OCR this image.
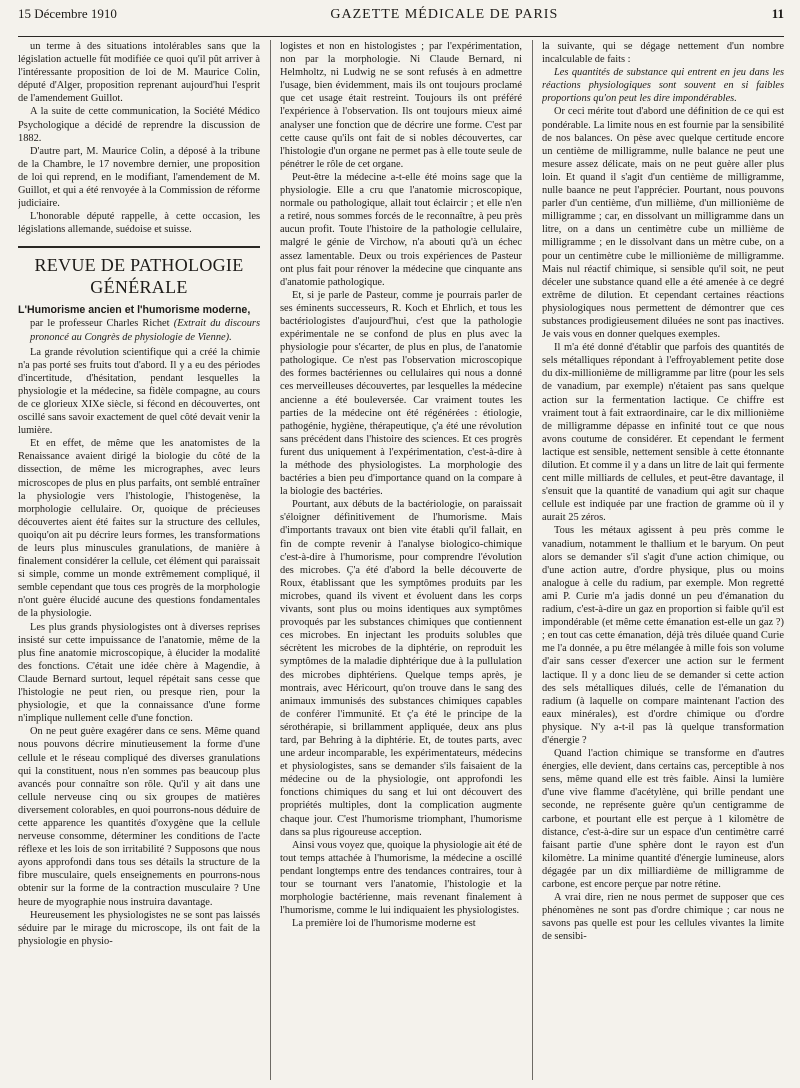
15 Décembre 1910	GAZETTE MÉDICALE DE PARIS	11

un terme à des situations intolérables sans que la législation actuelle fût modifiée ce quoi qu'il pût arriver à l'intéressante proposition de loi de M. Maurice Colin, député d'Alger, proposition reprenant aujourd'hui l'esprit de l'amendement Guillot.

A la suite de cette communication, la Société Médico Psychologique a décidé de reprendre la discussion de 1882.

D'autre part, M. Maurice Colin, a déposé à la tribune de la Chambre, le 17 novembre dernier, une proposition de loi qui reprend, en le modifiant, l'amendement de M. Guillot, et qui a été renvoyée à la Commission de réforme judiciaire.

L'honorable député rappelle, à cette occasion, les législations allemande, suédoise et suisse.

REVUE DE PATHOLOGIE GÉNÉRALE
L'Humorisme ancien et l'humorisme moderne,
par le professeur Charles Richet (Extrait du discours prononcé au Congrès de physiologie de Vienne).

La grande révolution scientifique qui a créé la chimie n'a pas porté ses fruits tout d'abord. Il y a eu des périodes d'incertitude, d'hésitation, pendant lesquelles la physiologie et la médecine, sa fidèle compagne, au cours de ce glorieux XIXe siècle, si fécond en découvertes, ont oscillé sans savoir exactement de quel côté devait venir la lumière.

Et en effet, de même que les anatomistes de la Renaissance avaient dirigé la biologie du côté de la dissection, de même les micrographes, avec leurs microscopes de plus en plus parfaits, ont semblé entraîner la physiologie vers l'histologie, l'histogenèse, la morphologie cellulaire. Or, quoique de précieuses découvertes aient été faites sur la structure des cellules, quoiqu'on ait pu décrire leurs formes, les transformations de leurs plus minuscules granulations, de manière à finalement considérer la cellule, cet élément qui paraissait si simple, comme un monde extrêmement compliqué, il semble cependant que tous ces progrès de la morphologie n'ont guère élucidé aucune des questions fondamentales de la physiologie.

Les plus grands physiologistes ont à diverses reprises insisté sur cette impuissance de l'anatomie, même de la plus fine anatomie microscopique, à élucider la modalité des fonctions. C'était une idée chère à Magendie, à Claude Bernard surtout, lequel répétait sans cesse que l'histologie ne peut rien, ou presque rien, pour la physiologie, et que la connaissance d'une forme n'implique nullement celle d'une fonction.

On ne peut guère exagérer dans ce sens. Même quand nous pouvons décrire minutieusement la forme d'une cellule et le réseau compliqué des diverses granulations qui la constituent, nous n'en sommes pas beaucoup plus avancés pour connaître son rôle. Qu'il y ait dans une cellule nerveuse cinq ou six groupes de matières diversement colorables, en quoi pourrons-nous déduire de cette apparence les quantités d'oxygène que la cellule nerveuse consomme, déterminer les conditions de l'acte réflexe et les lois de son irritabilité ? Supposons que nous ayons approfondi dans tous ses détails la structure de la fibre musculaire, quels enseignements en pourrons-nous obtenir sur la forme de la contraction musculaire ? Une heure de myographie nous instruira davantage.

Heureusement les physiologistes ne se sont pas laissés séduire par le mirage du microscope, ils ont fait de la physiologie en physio-

logistes et non en histologistes ; par l'expérimentation, non par la morphologie. Ni Claude Bernard, ni Helmholtz, ni Ludwig ne se sont refusés à en admettre l'usage, bien évidemment, mais ils ont toujours proclamé que cet usage était restreint. Toujours ils ont préféré l'expérience à l'observation. Ils ont toujours mieux aimé analyser une fonction que de décrire une forme. C'est par cette cause qu'ils ont fait de si nobles découvertes, car l'histologie d'un organe ne permet pas à elle toute seule de pénétrer le rôle de cet organe.

Peut-être la médecine a-t-elle été moins sage que la physiologie. Elle a cru que l'anatomie microscopique, normale ou pathologique, allait tout éclaircir ; et elle n'en a retiré, nous sommes forcés de le reconnaître, à peu près aucun profit. Toute l'histoire de la pathologie cellulaire, malgré le génie de Virchow, n'a abouti qu'à un échec assez lamentable. Deux ou trois expériences de Pasteur ont plus fait pour rénover la médecine que cinquante ans d'anatomie pathologique.

Et, si je parle de Pasteur, comme je pourrais parler de ses éminents successeurs, R. Koch et Ehrlich, et tous les bactériologistes d'aujourd'hui, c'est que la pathologie expérimentale ne se confond de plus en plus avec la physiologie pour s'écarter, de plus en plus, de l'anatomie pathologique. Ce n'est pas l'observation microscopique des formes bactériennes ou cellulaires qui nous a donné ces merveilleuses découvertes, par lesquelles la médecine ancienne a été bouleversée. Car vraiment toutes les parties de la médecine ont été régénérées : étiologie, pathogénie, hygiène, thérapeutique, ç'a été une révolution sans précédent dans l'histoire des sciences. Et ces progrès furent dus uniquement à l'expérimentation, c'est-à-dire à la méthode des physiologistes. La morphologie des bactéries a bien peu d'importance quand on la compare à la biologie des bactéries.

Pourtant, aux débuts de la bactériologie, on paraissait s'éloigner définitivement de l'humorisme. Mais d'importants travaux ont bien vite établi qu'il fallait, en fin de compte revenir à l'analyse biologico-chimique c'est-à-dire à l'humorisme, pour comprendre l'évolution des microbes. Ç'a été d'abord la belle découverte de Roux, établissant que les symptômes produits par les microbes, quand ils vivent et évoluent dans les corps vivants, sont plus ou moins identiques aux symptômes provoqués par les substances chimiques que contiennent ces microbes. En injectant les produits solubles que sécrètent les microbes de la diphtérie, on reproduit les symptômes de la maladie diphtérique due à la pullulation des microbes diphtériens. Quelque temps après, je montrais, avec Héricourt, qu'on trouve dans le sang des animaux immunisés des substances chimiques capables de conférer l'immunité. Et ç'a été le principe de la sérothérapie, si brillamment appliquée, deux ans plus tard, par Behring à la diphtérie. Et, de toutes parts, avec une ardeur incomparable, les expérimentateurs, médecins et physiologistes, sans se demander s'ils faisaient de la médecine ou de la physiologie, ont approfondi les fonctions chimiques du sang et lui ont découvert des propriétés multiples, dont la complication augmente chaque jour. C'est l'humorisme triomphant, l'humorisme dans sa plus rigoureuse acception.

Ainsi vous voyez que, quoique la physiologie ait été de tout temps attachée à l'humorisme, la médecine a oscillé pendant longtemps entre des tendances contraires, tour à tour se tournant vers l'anatomie, l'histologie et la morphologie bactérienne, mais revenant finalement à l'humorisme, comme le lui indiquaient les physiologistes.

La première loi de l'humorisme moderne est

la suivante, qui se dégage nettement d'un nombre incalculable de faits :

Les quantités de substance qui entrent en jeu dans les réactions physiologiques sont souvent en si faibles proportions qu'on peut les dire impondérables.

Or ceci mérite tout d'abord une définition de ce qui est pondérable. La limite nous en est fournie par la sensibilité de nos balances. On pèse avec quelque certitude encore un centième de milligramme, nulle balance ne peut une mesure assez délicate, mais on ne peut guère aller plus loin. Et quand il s'agit d'un centième de milligramme, nulle baance ne peut l'apprécier. Pourtant, nous pouvons parler d'un centième, d'un millième, d'un millionième de milligramme ; car, en dissolvant un milligramme dans un litre, on a dans un centimètre cube un millième de milligramme ; en le dissolvant dans un mètre cube, on a pour un centimètre cube le millionième de milligramme. Mais nul réactif chimique, si sensible qu'il soit, ne peut déceler une substance quand elle a été amenée à ce degré extrême de dilution. Et cependant certaines réactions physiologiques nous permettent de démontrer que ces substances prodigieusement diluées ne sont pas inactives. Je vais vous en donner quelques exemples.

Il m'a été donné d'établir que parfois des quantités de sels métalliques répondant à l'effroyablement petite dose du dix-millionième de milligramme par litre (pour les sels de vanadium, par exemple) n'étaient pas sans quelque action sur la fermentation lactique. Ce chiffre est vraiment tout à fait extraordinaire, car le dix millionième de milligramme dépasse en infinité tout ce que nous avons coutume de considérer. Et cependant le ferment lactique est sensible, nettement sensible à cette étonnante dilution. Et comme il y a dans un litre de lait qui fermente cent mille milliards de cellules, et peut-être davantage, il s'ensuit que la quantité de vanadium qui agit sur chaque cellule est indiquée par une fraction de gramme où il y aurait 25 zéros.

Tous les métaux agissent à peu près comme le vanadium, notamment le thallium et le baryum. On peut alors se demander s'il s'agit d'une action chimique, ou d'une action autre, d'ordre physique, plus ou moins analogue à celle du radium, par exemple. Mon regretté ami P. Curie m'a jadis donné un peu d'émanation du radium, c'est-à-dire un gaz en proportion si faible qu'il est impondérable (et même cette émanation est-elle un gaz ?) ; en tout cas cette émanation, déjà très diluée quand Curie me l'a donnée, a pu être mélangée à mille fois son volume d'air sans cesser d'exercer une action sur le ferment lactique. Il y a donc lieu de se demander si cette action des sels métalliques dilués, celle de l'émanation du radium (à laquelle on compare maintenant l'action des eaux minérales), est d'ordre chimique ou d'ordre physique. N'y a-t-il pas là quelque transformation d'énergie ?

Quand l'action chimique se transforme en d'autres énergies, elle devient, dans certains cas, perceptible à nos sens, même quand elle est très faible. Ainsi la lumière d'une vive flamme d'acétylène, qui brille pendant une seconde, ne représente guère qu'un centigramme de carbone, et pourtant elle est perçue à 1 kilomètre de distance, c'est-à-dire sur un espace d'un centimètre carré faisant partie d'une sphère dont le rayon est d'un kilomètre. La minime quantité d'énergie lumineuse, alors dégagée par un dix milliardième de milligramme de carbone, est encore perçue par notre rétine.

A vrai dire, rien ne nous permet de supposer que ces phénomènes ne sont pas d'ordre chimique ; car nous ne savons pas quelle est pour les cellules vivantes la limite de sensibi-
